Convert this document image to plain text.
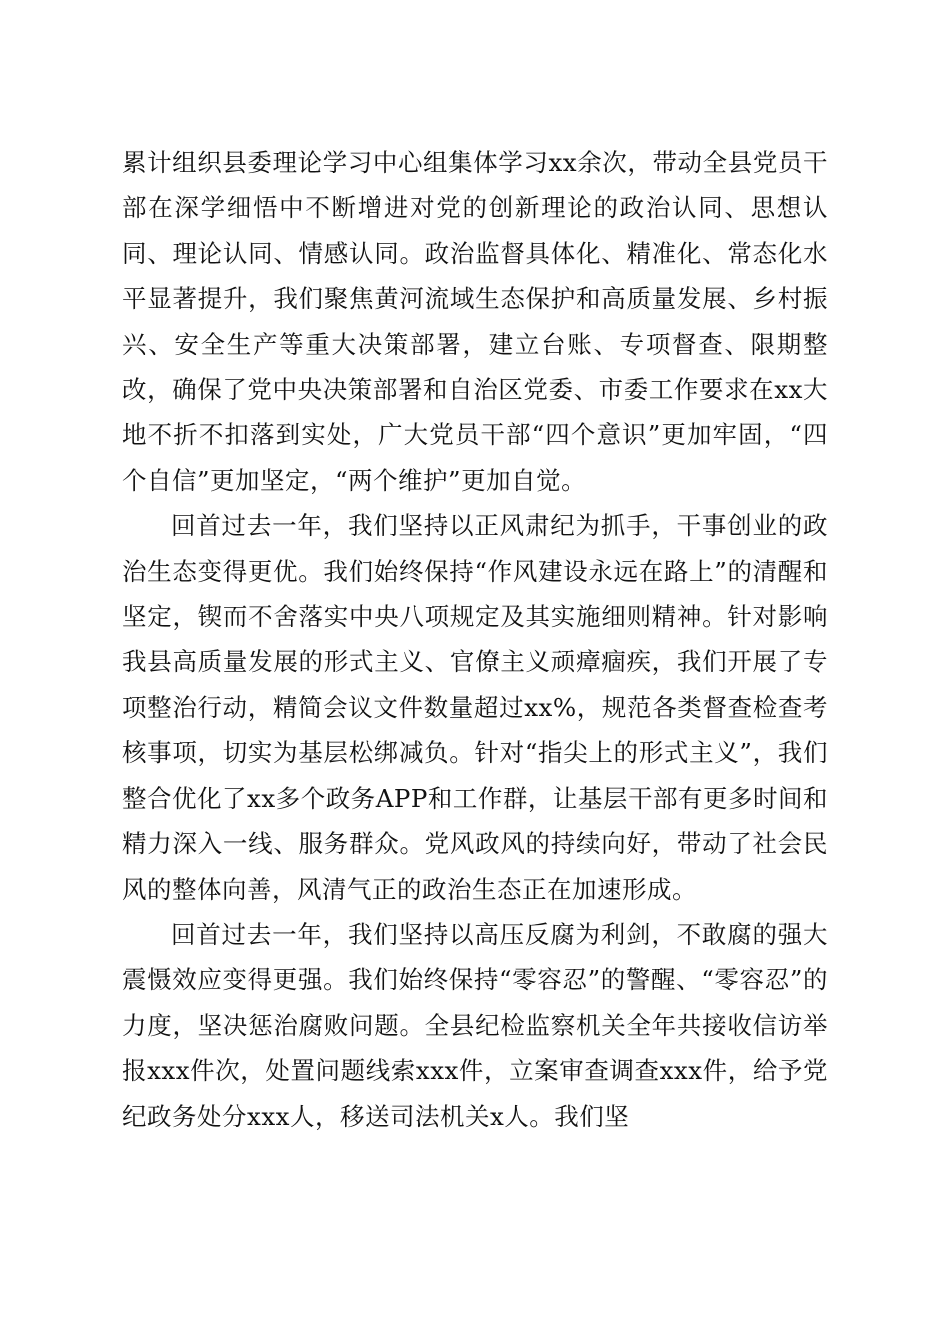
累计组织县委理论学习中心组集体学习xx余次，带动全县党员干部在深学细悟中不断增进对党的创新理论的政治认同、思想认同、理论认同、情感认同。政治监督具体化、精准化、常态化水平显著提升，我们聚焦黄河流域生态保护和高质量发展、乡村振兴、安全生产等重大决策部署，建立台账、专项督查、限期整改，确保了党中央决策部署和自治区党委、市委工作要求在xx大地不折不扣落到实处，广大党员干部“四个意识”更加牢固，“四个自信”更加坚定，“两个维护”更加自觉。

回首过去一年，我们坚持以正风肃纪为抓手，干事创业的政治生态变得更优。我们始终保持“作风建设永远在路上”的清醒和坚定，锲而不舍落实中央八项规定及其实施细则精神。针对影响我县高质量发展的形式主义、官僚主义顽瘴痼疾，我们开展了专项整治行动，精简会议文件数量超过xx%，规范各类督查检查考核事项，切实为基层松绑减负。针对“指尖上的形式主义”，我们整合优化了xx多个政务APP和工作群，让基层干部有更多时间和精力深入一线、服务群众。党风政风的持续向好，带动了社会民风的整体向善，风清气正的政治生态正在加速形成。

回首过去一年，我们坚持以高压反腐为利剑，不敢腐的强大震慑效应变得更强。我们始终保持“零容忍”的警醒、“零容忍”的力度，坚决惩治腐败问题。全县纪检监察机关全年共接收信访举报xxx件次，处置问题线索xxx件，立案审查调查xxx件，给予党纪政务处分xxx人，移送司法机关x人。我们坚
